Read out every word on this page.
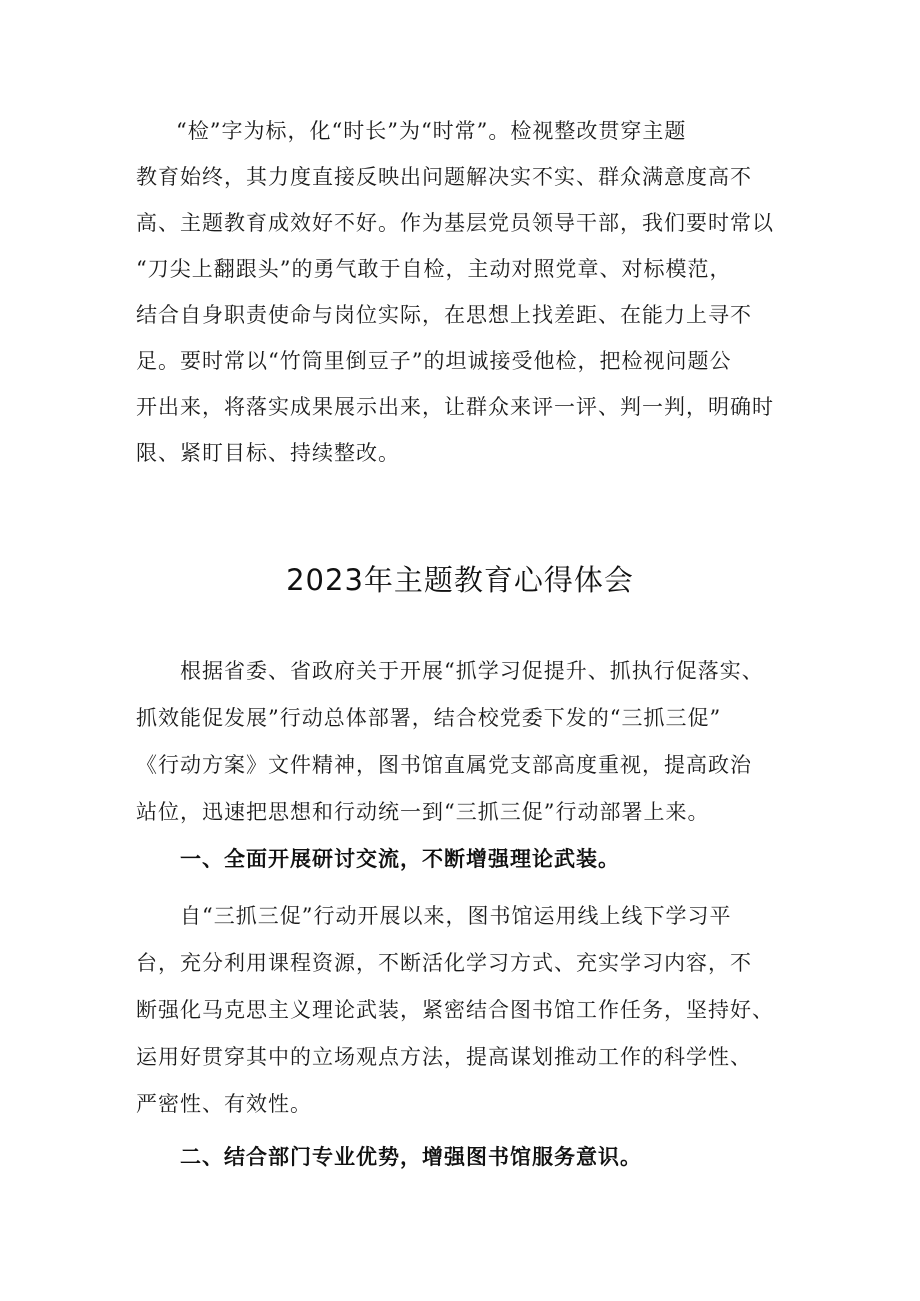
“检”字为标，化“时长”为“时常”。检视整改贯穿主题
教育始终，其力度直接反映出问题解决实不实、群众满意度高不
高、主题教育成效好不好。作为基层党员领导干部，我们要时常以
“刀尖上翻跟头”的勇气敢于自检，主动对照党章、对标模范，
结合自身职责使命与岗位实际，在思想上找差距、在能力上寻不
足。要时常以“竹筒里倒豆子”的坦诚接受他检，把检视问题公
开出来，将落实成果展示出来，让群众来评一评、判一判，明确时
限、紧盯目标、持续整改。
2023年主题教育心得体会
根据省委、省政府关于开展“抓学习促提升、抓执行促落实、
抓效能促发展”行动总体部署，结合校党委下发的“三抓三促”
《行动方案》文件精神，图书馆直属党支部高度重视，提高政治
站位，迅速把思想和行动统一到“三抓三促”行动部署上来。
一、全面开展研讨交流，不断增强理论武装。
自“三抓三促”行动开展以来，图书馆运用线上线下学习平
台，充分利用课程资源，不断活化学习方式、充实学习内容，不
断强化马克思主义理论武装，紧密结合图书馆工作任务，坚持好、
运用好贯穿其中的立场观点方法，提高谋划推动工作的科学性、
严密性、有效性。
二、结合部门专业优势，增强图书馆服务意识。
